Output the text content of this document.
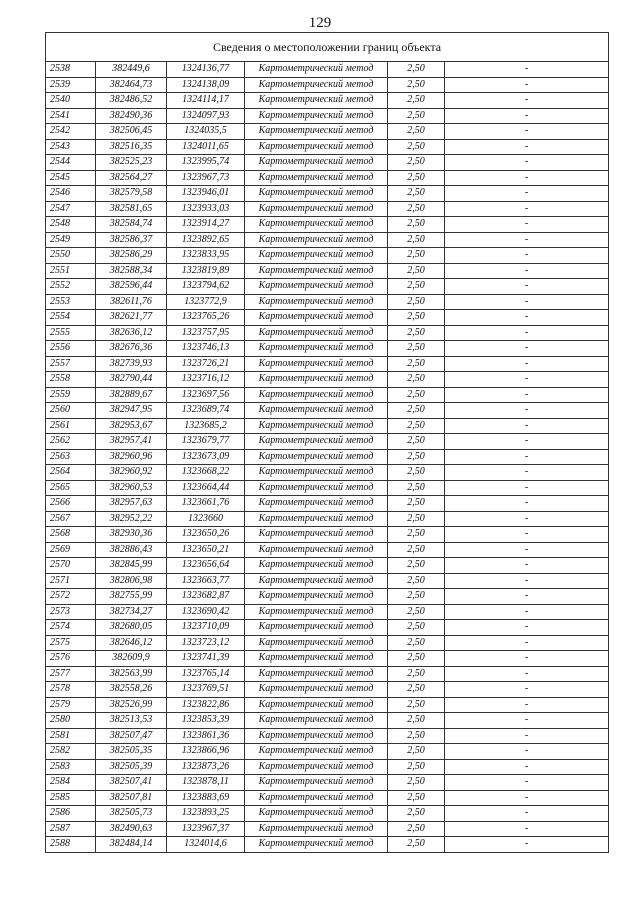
129
Сведения о местоположении границ объекта					
2538	382449,6	1324136,77	Картометрический метод	2,50	-
2539	382464,73	1324138,09	Картометрический метод	2,50	-
2540	382486,52	1324114,17	Картометрический метод	2,50	-
2541	382490,36	1324097,93	Картометрический метод	2,50	-
2542	382506,45	1324035,5	Картометрический метод	2,50	-
2543	382516,35	1324011,65	Картометрический метод	2,50	-
2544	382525,23	1323995,74	Картометрический метод	2,50	-
2545	382564,27	1323967,73	Картометрический метод	2,50	-
2546	382579,58	1323946,01	Картометрический метод	2,50	-
2547	382581,65	1323933,03	Картометрический метод	2,50	-
2548	382584,74	1323914,27	Картометрический метод	2,50	-
2549	382586,37	1323892,65	Картометрический метод	2,50	-
2550	382586,29	1323833,95	Картометрический метод	2,50	-
2551	382588,34	1323819,89	Картометрический метод	2,50	-
2552	382596,44	1323794,62	Картометрический метод	2,50	-
2553	382611,76	1323772,9	Картометрический метод	2,50	-
2554	382621,77	1323765,26	Картометрический метод	2,50	-
2555	382636,12	1323757,95	Картометрический метод	2,50	-
2556	382676,36	1323746,13	Картометрический метод	2,50	-
2557	382739,93	1323726,21	Картометрический метод	2,50	-
2558	382790,44	1323716,12	Картометрический метод	2,50	-
2559	382889,67	1323697,56	Картометрический метод	2,50	-
2560	382947,95	1323689,74	Картометрический метод	2,50	-
2561	382953,67	1323685,2	Картометрический метод	2,50	-
2562	382957,41	1323679,77	Картометрический метод	2,50	-
2563	382960,96	1323673,09	Картометрический метод	2,50	-
2564	382960,92	1323668,22	Картометрический метод	2,50	-
2565	382960,53	1323664,44	Картометрический метод	2,50	-
2566	382957,63	1323661,76	Картометрический метод	2,50	-
2567	382952,22	1323660	Картометрический метод	2,50	-
2568	382930,36	1323650,26	Картометрический метод	2,50	-
2569	382886,43	1323650,21	Картометрический метод	2,50	-
2570	382845,99	1323656,64	Картометрический метод	2,50	-
2571	382806,98	1323663,77	Картометрический метод	2,50	-
2572	382755,99	1323682,87	Картометрический метод	2,50	-
2573	382734,27	1323690,42	Картометрический метод	2,50	-
2574	382680,05	1323710,09	Картометрический метод	2,50	-
2575	382646,12	1323723,12	Картометрический метод	2,50	-
2576	382609,9	1323741,39	Картометрический метод	2,50	-
2577	382563,99	1323765,14	Картометрический метод	2,50	-
2578	382558,26	1323769,51	Картометрический метод	2,50	-
2579	382526,99	1323822,86	Картометрический метод	2,50	-
2580	382513,53	1323853,39	Картометрический метод	2,50	-
2581	382507,47	1323861,36	Картометрический метод	2,50	-
2582	382505,35	1323866,96	Картометрический метод	2,50	-
2583	382505,39	1323873,26	Картометрический метод	2,50	-
2584	382507,41	1323878,11	Картометрический метод	2,50	-
2585	382507,81	1323883,69	Картометрический метод	2,50	-
2586	382505,73	1323893,25	Картометрический метод	2,50	-
2587	382490,63	1323967,37	Картометрический метод	2,50	-
2588	382484,14	1324014,6	Картометрический метод	2,50	-
